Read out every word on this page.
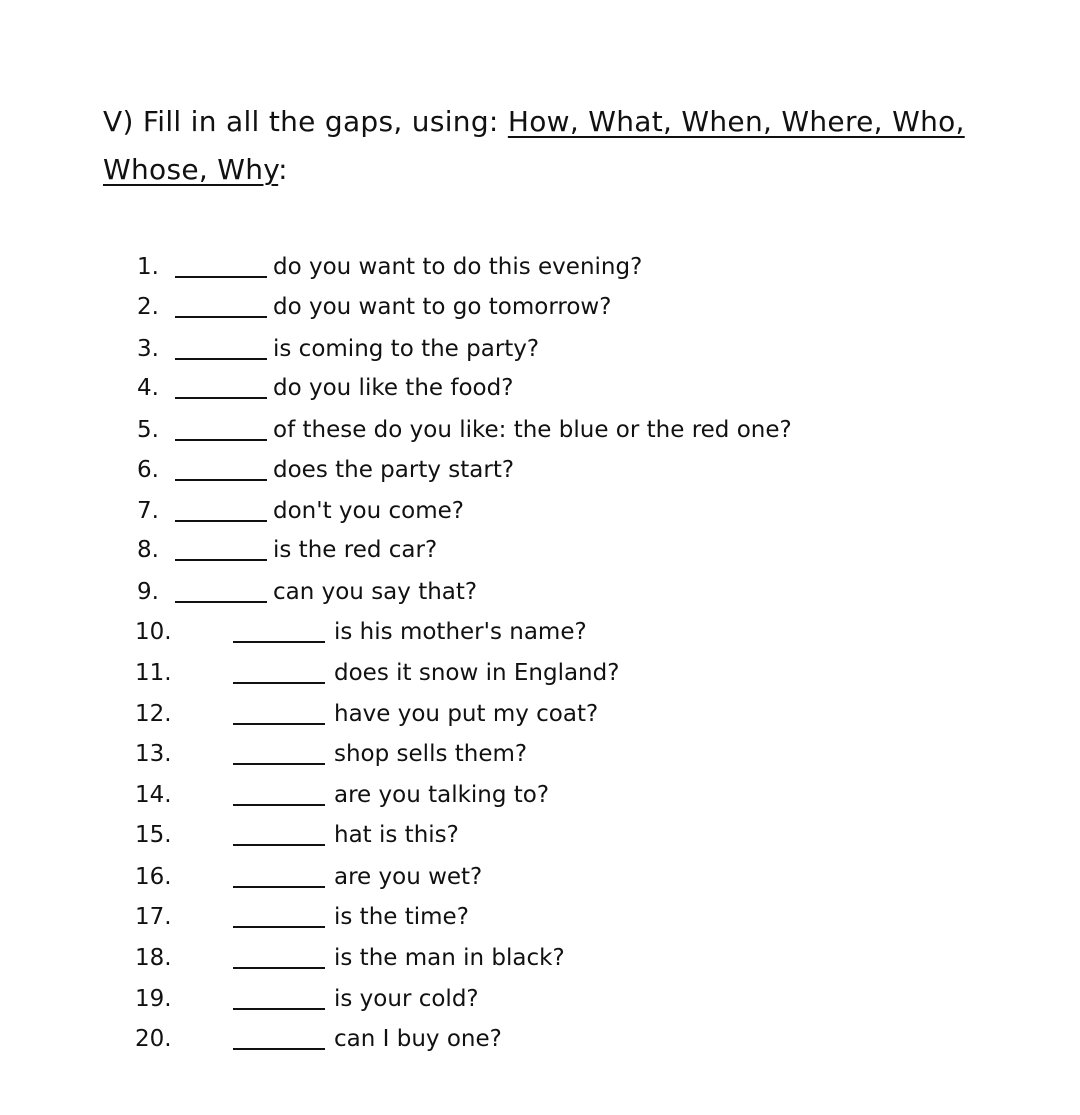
V) Fill in all the gaps, using: How, What, When, Where, Who, Whose, Why:
1.	do you want to do this evening?
2.	do you want to go tomorrow?
3.	is coming to the party?
4.	do you like the food?
5.	of these do you like: the blue or the red one?
6.	does the party start?
7.	don't you come?
8.	is the red car?
9.	can you say that?
10.	is his mother's name?
11.	does it snow in England?
12.	have you put my coat?
13.	shop sells them?
14.	are you talking to?
15.	hat is this?
16.	are you wet?
17.	is the time?
18.	is the man in black?
19.	is your cold?
20.	can I buy one?
